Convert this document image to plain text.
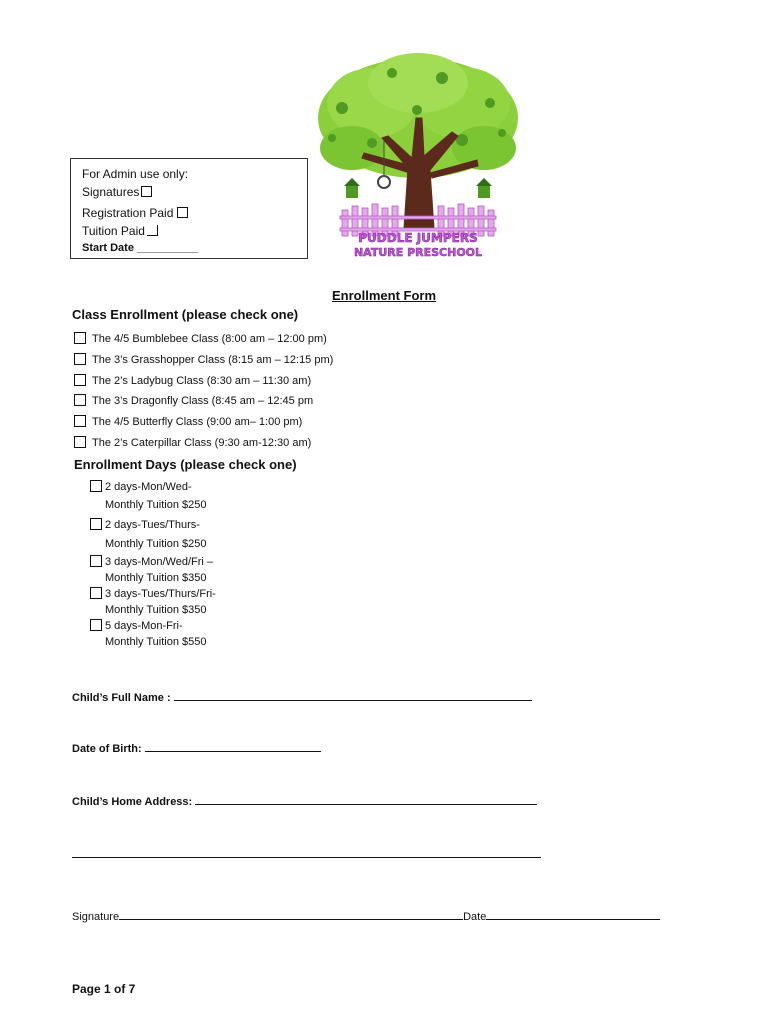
For Admin use only:
Signatures
Registration Paid
Tuition Paid
Start Date __________
PUDDLE JUMPERS
NATURE PRESCHOOL
Enrollment Form
Class Enrollment (please check one)
The 4/5 Bumblebee Class (8:00 am – 12:00 pm)
The 3’s Grasshopper Class (8:15 am – 12:15 pm)
The 2’s Ladybug Class (8:30 am – 11:30 am)
The 3’s Dragonfly Class (8:45 am – 12:45 pm
The 4/5 Butterfly Class (9:00 am– 1:00 pm)
The 2’s Caterpillar Class (9:30 am-12:30 am)
Enrollment Days (please check one)
2 days-Mon/Wed-
Monthly Tuition $250
2 days-Tues/Thurs-
Monthly Tuition $250
3 days-Mon/Wed/Fri –
Monthly Tuition $350
3 days-Tues/Thurs/Fri-
Monthly Tuition $350
5 days-Mon-Fri-
Monthly Tuition $550
Child’s Full Name :
Date of Birth:
Child’s Home Address:
Signature	Date
Page 1 of 7
